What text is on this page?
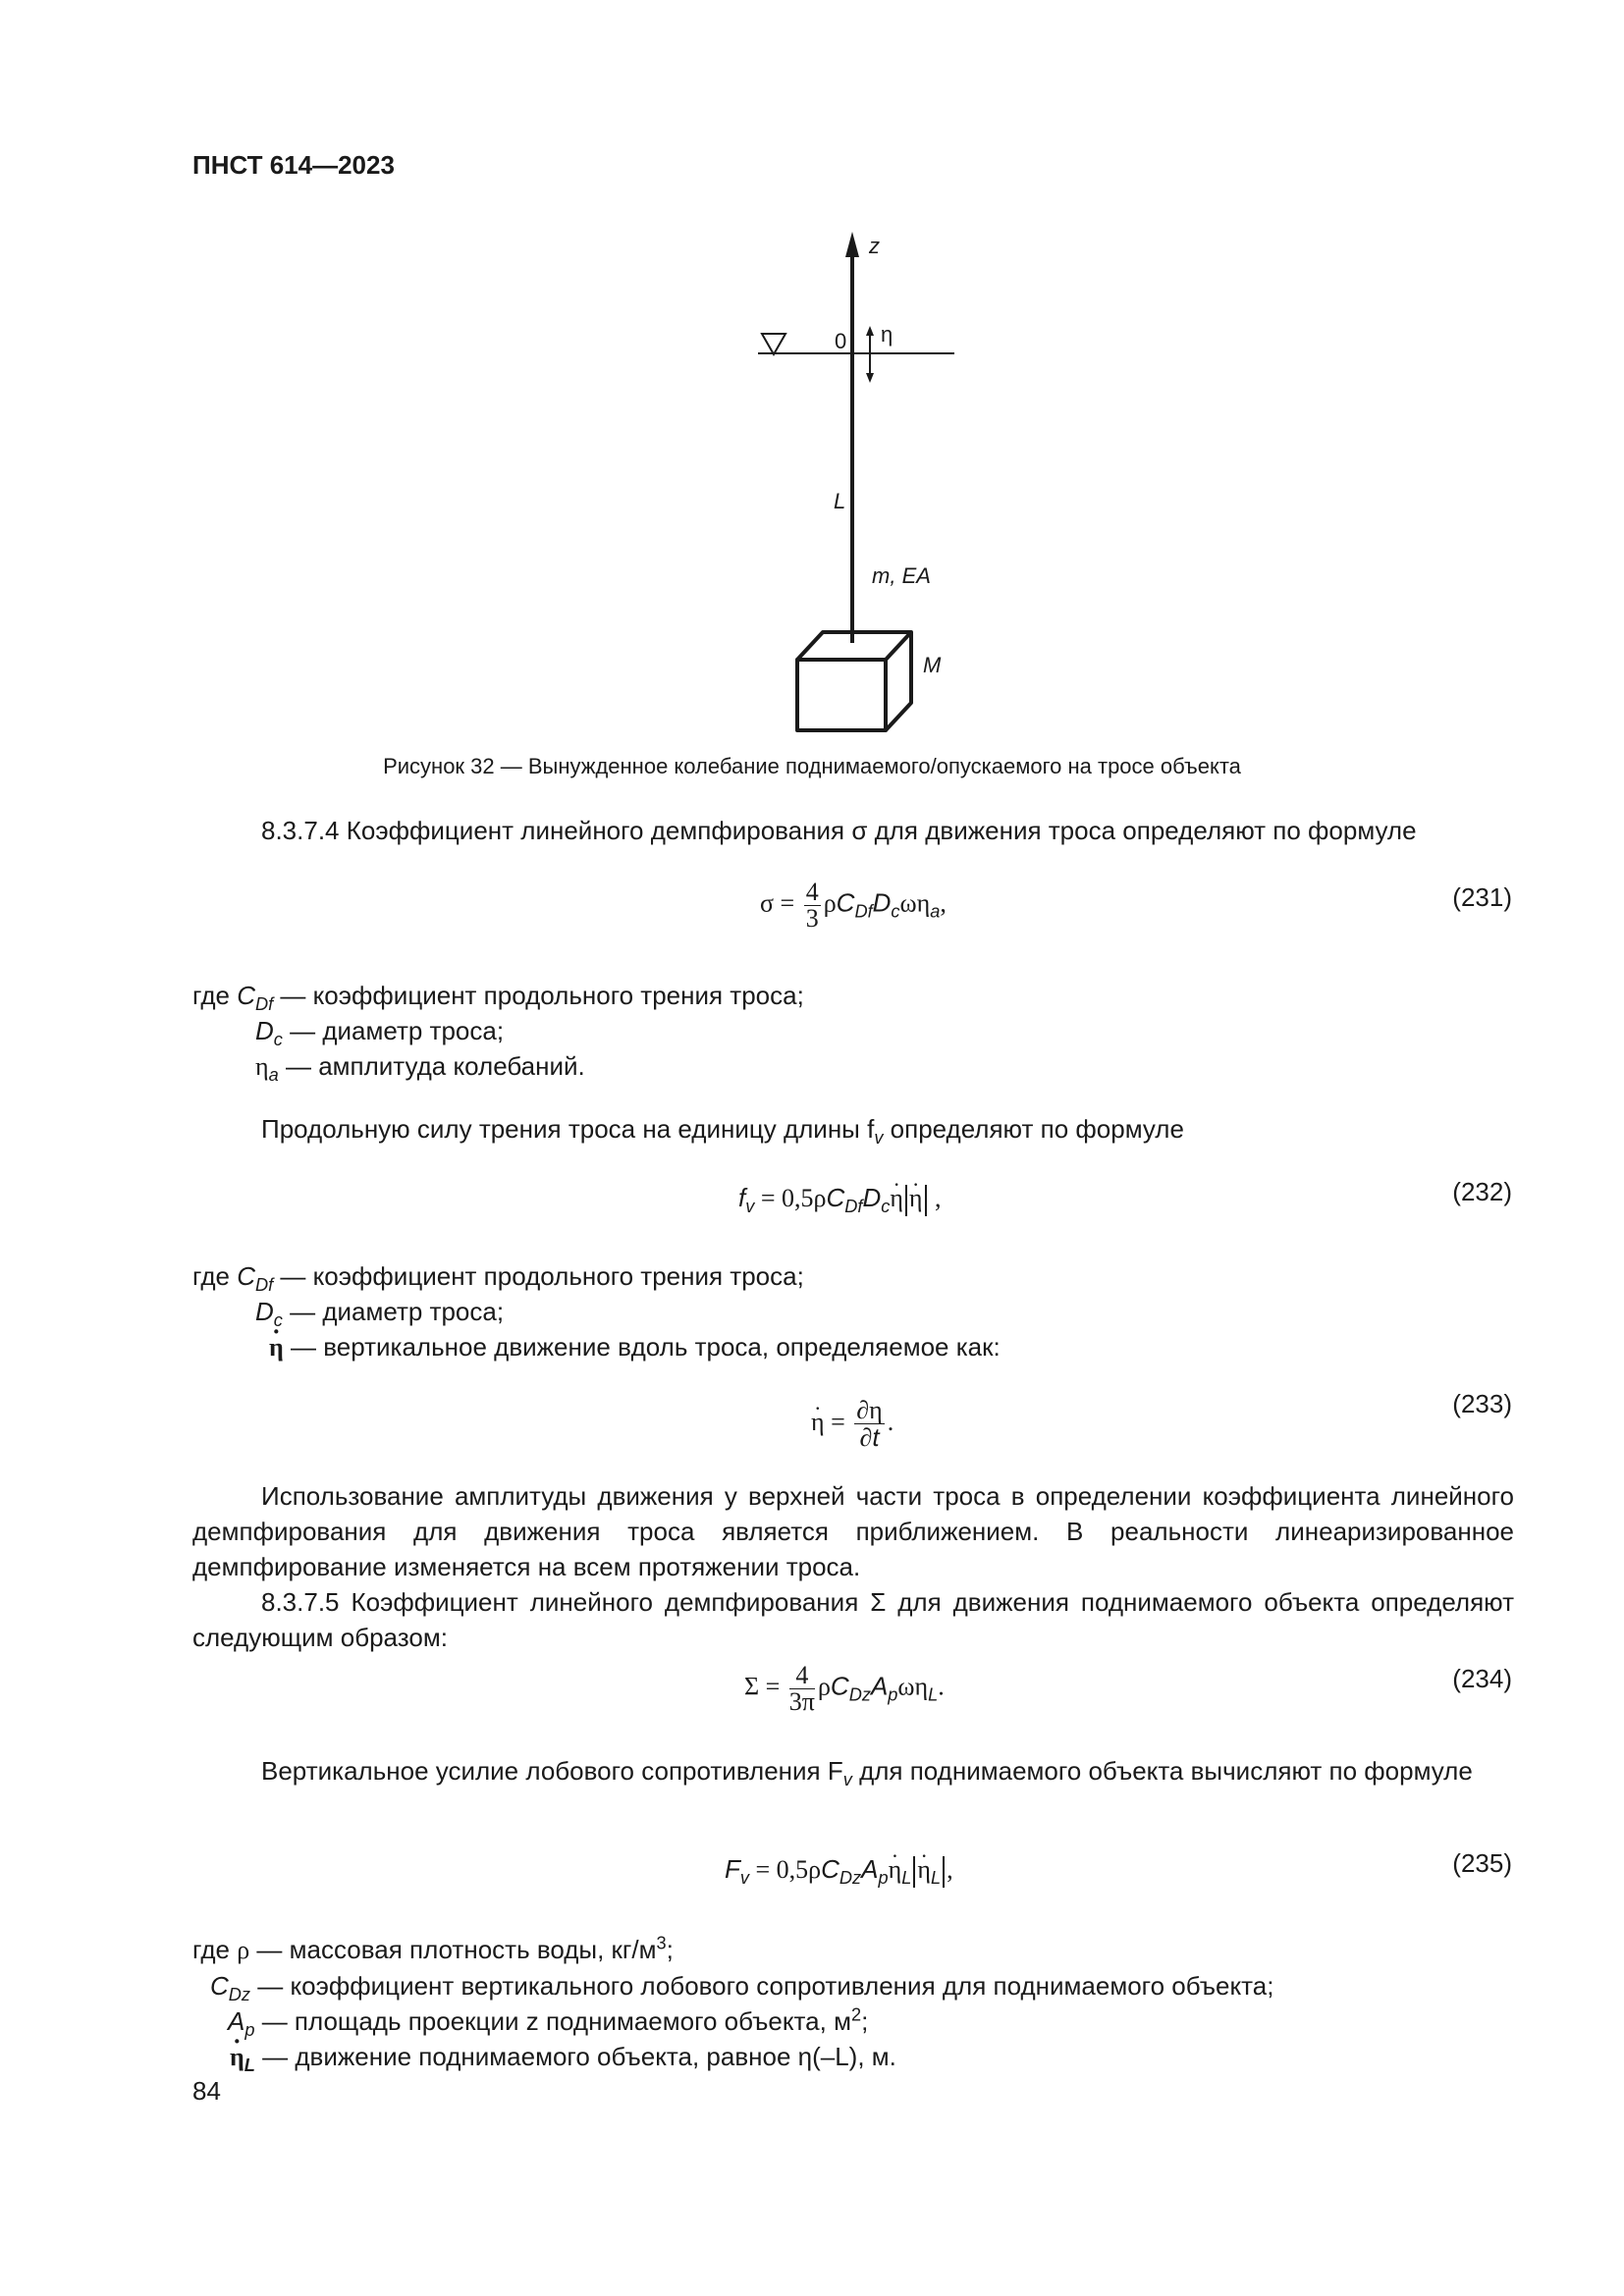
ПНСТ 614—2023
z
0 η
L
m, EA
M
Рисунок 32 — Вынужденное колебание поднимаемого/опускаемого на тросе объекта
8.3.7.4 Коэффициент линейного демпфирования σ для движения троса определяют по формуле
$\sigma = \frac{4}{3} \rho C_{Df}D_c\omega\eta_a$,	(231)
где $C_{Df}$ — коэффициент продольного трения троса;
$D_c$ — диаметр троса;
$\eta_a$ — амплитуда колебаний.
Продольную силу трения троса на единицу длины $f_v$ определяют по формуле
$f_v = 0,5\rho C_{Df}D_c\eta \cdot \eta$ · ,	(232)
где $C_{Df}$ — коэффициент продольного трения троса;
$D_c$ — диаметр троса;
η · — вертикальное движение вдоль троса, определяемое как:
η · = $\frac{\partial\eta}{\partial t}$ .
(233)
Использование амплитуды движения у верхней части троса в определении коэффициента линейного демпфирования для движения троса является приближением. В реальности линеаризированное демпфирование изменяется на всем протяжении троса.
8.3.7.5 Коэффициент линейного демпфирования Σ для движения поднимаемого объекта определяют следующим образом:
$\Sigma = \frac{4}{3\pi} \rho C_{Dz}A_p\omega\eta_L$.	(234)
Вертикальное усилие лобового сопротивления $F_v$ для поднимаемого объекта вычисляют по формуле
$F_v = 0,5\rho C_{Dz}A_p\eta \cdot_L$ $\eta \cdot_L$ ,	(235)
где ρ — массовая плотность воды, $кг/м^3$;
$C_{Dz}$ — коэффициент вертикального лобового сопротивления для поднимаемого объекта;
$A_p$ — площадь проекции z поднимаемого объекта, $м^2$;
$\eta \cdot_L$ — движение поднимаемого объекта, равное η(–L), м.
84
